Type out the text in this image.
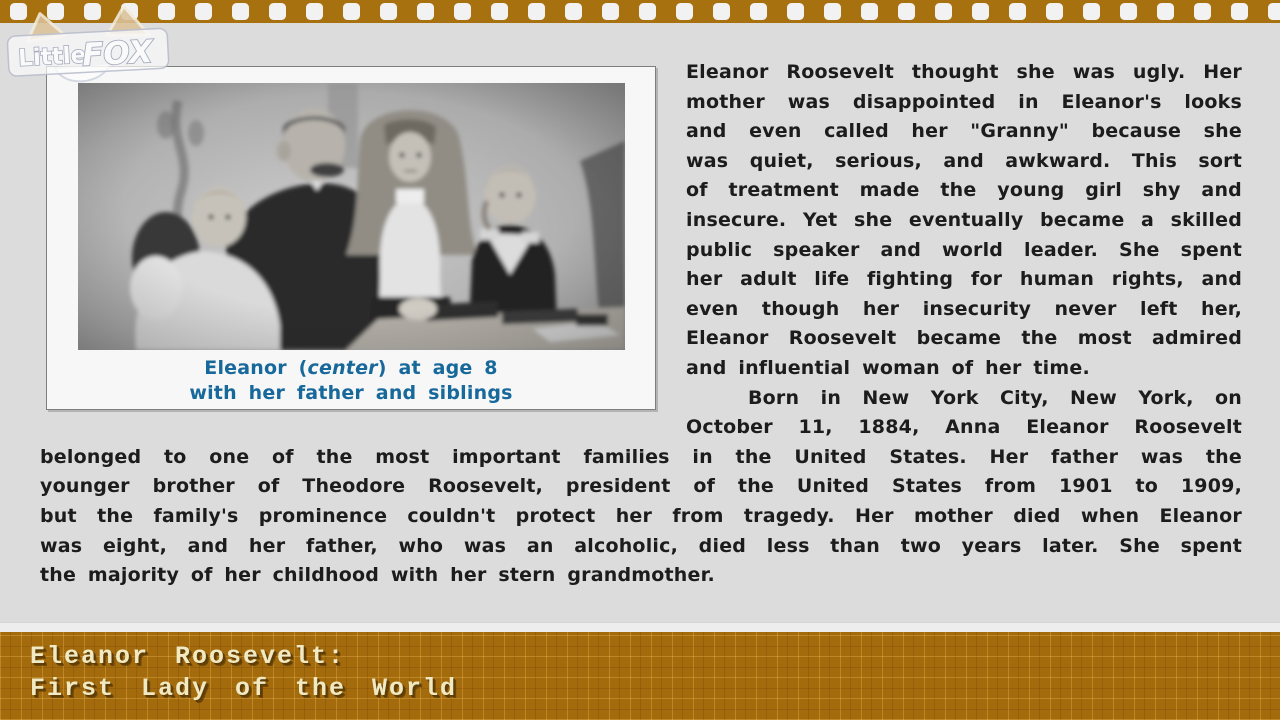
Little
FOX
Eleanor (center) at age 8
with her father and siblings

Eleanor Roosevelt thought she was ugly. Her
mother was disappointed in Eleanor's looks
and even called her "Granny" because she
was quiet, serious, and awkward. This sort
of treatment made the young girl shy and
insecure. Yet she eventually became a skilled
public speaker and world leader. She spent
her adult life fighting for human rights, and
even though her insecurity never left her,
Eleanor Roosevelt became the most admired
and influential woman of her time.

Born in New York City, New York, on
October 11, 1884, Anna Eleanor Roosevelt
belonged to one of the most important families in the United States. Her father was the
younger brother of Theodore Roosevelt, president of the United States from 1901 to 1909,
but the family's prominence couldn't protect her from tragedy. Her mother died when Eleanor
was eight, and her father, who was an alcoholic, died less than two years later. She spent
the majority of her childhood with her stern grandmother.

Eleanor Roosevelt:
First Lady of the World
